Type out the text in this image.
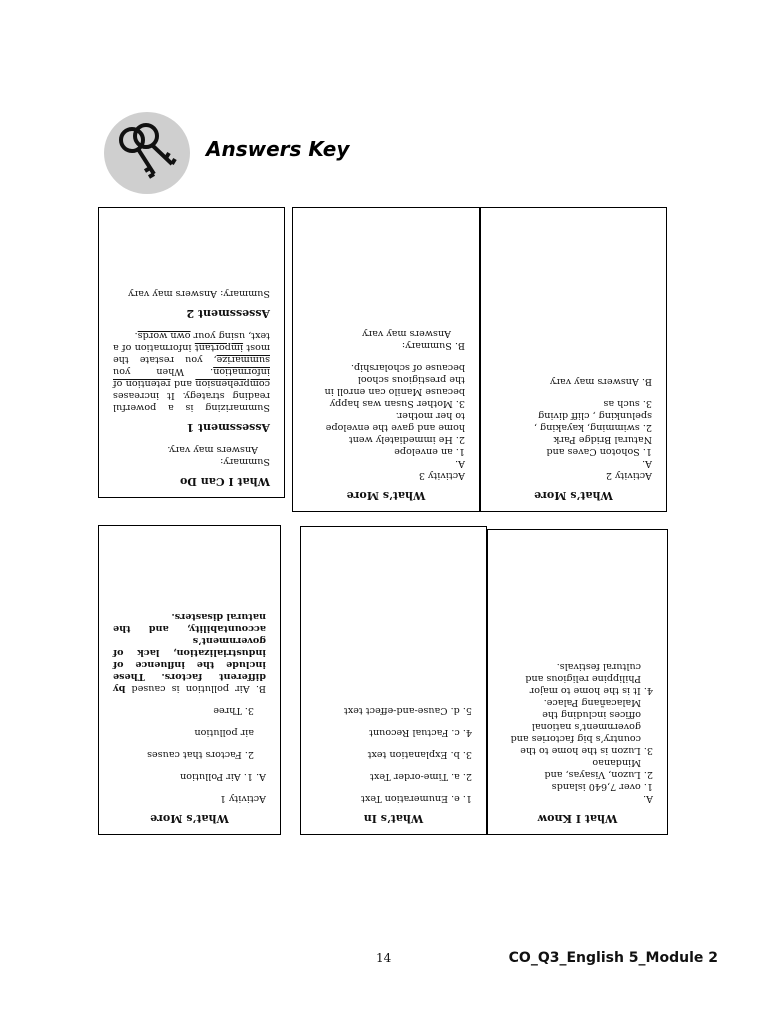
Answers Key
What I Can Do
Summary:
Answers may vary.
Assessment 1
Summarizing is a powerful reading strategy. It increases comprehension and retention of information. When you summarize, you restate the most important information of a text, using your own words.
Assessment 2
Summary: Answers may vary
What’s More
Activity 3
A.
1. an envelope
2. He immediately went
home and gave the envelope
to her mother.
3. Mother Susan was happy
because Manilo can enroll in
the prestigious school
because of scholarship.
B. Summary:
Answers may vary
What’s More
Activity 2
A.
1. Sohoton Caves and
Natural Bridge Park
2. swimming, kayaking ,
spelunking , cliff diving
3. such as
B. Answers may vary
What’s More
Activity 1
A. 1. Air Pollution
2. Factors that causes
air pollution
3. Three
B. Air pollution is caused by different factors. These include the influence of industrialization, lack of government’s accountability, and the natural disasters.
What’s In
1. e. Enumeration Text
2. a. Time-order Text
3. b. Explanation text
4. c. Factual Recount
5. d. Cause-and-effect text
What I Know
A.
1. over 7,640 islands
2. Luzon, Visayas, and
Mindanao
3. Luzon is the home to the
country’s big factories and
government’s national
offices including the
Malacañang Palace.
4. It is the home to major
Philippine religious and
cultural festivals.
14	CO_Q3_English 5_Module 2
